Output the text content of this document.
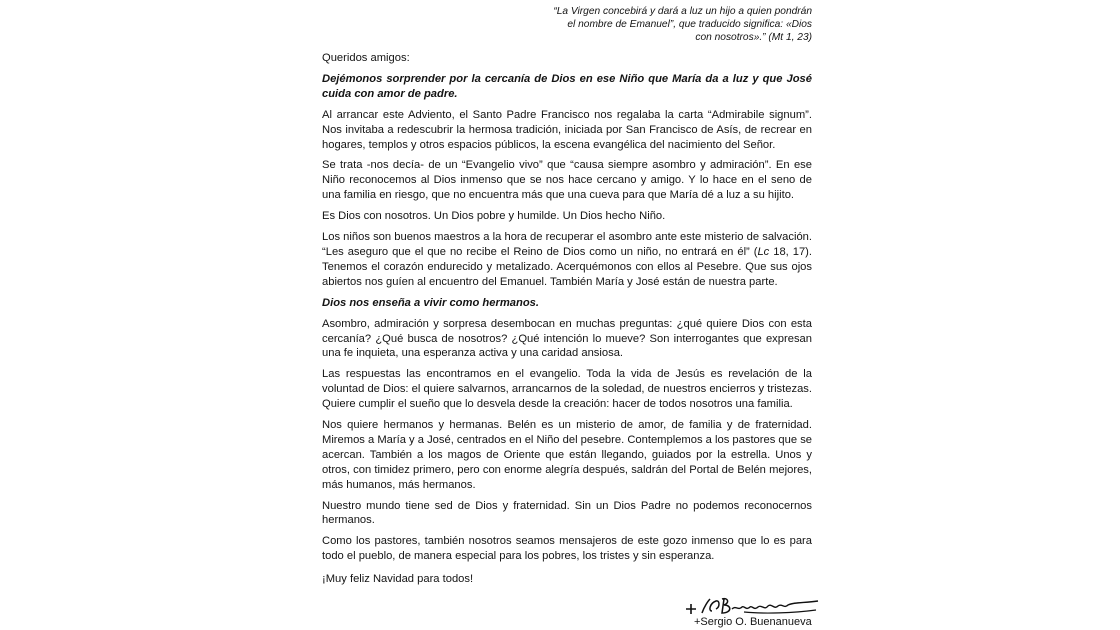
“La Virgen concebirá y dará a luz un hijo a quien pondrán
el nombre de Emanuel”, que traducido significa: «Dios
con nosotros».” (Mt 1, 23)

Queridos amigos:

Dejémonos sorprender por la cercanía de Dios en ese Niño que María da a luz y que José cuida con amor de padre.

Al arrancar este Adviento, el Santo Padre Francisco nos regalaba la carta “Admirabile signum”. Nos invitaba a redescubrir la hermosa tradición, iniciada por San Francisco de Asís, de recrear en hogares, templos y otros espacios públicos, la escena evangélica del nacimiento del Señor.

Se trata -nos decía- de un “Evangelio vivo” que “causa siempre asombro y admiración”. En ese Niño reconocemos al Dios inmenso que se nos hace cercano y amigo. Y lo hace en el seno de una familia en riesgo, que no encuentra más que una cueva para que María dé a luz a su hijito.

Es Dios con nosotros. Un Dios pobre y humilde. Un Dios hecho Niño.

Los niños son buenos maestros a la hora de recuperar el asombro ante este misterio de salvación. “Les aseguro que el que no recibe el Reino de Dios como un niño, no entrará en él” (Lc 18, 17). Tenemos el corazón endurecido y metalizado. Acerquémonos con ellos al Pesebre. Que sus ojos abiertos nos guíen al encuentro del Emanuel. También María y José están de nuestra parte.

Dios nos enseña a vivir como hermanos.

Asombro, admiración y sorpresa desembocan en muchas preguntas: ¿qué quiere Dios con esta cercanía? ¿Qué busca de nosotros? ¿Qué intención lo mueve? Son interrogantes que expresan una fe inquieta, una esperanza activa y una caridad ansiosa.

Las respuestas las encontramos en el evangelio. Toda la vida de Jesús es revelación de la voluntad de Dios: el quiere salvarnos, arrancarnos de la soledad, de nuestros encierros y tristezas. Quiere cumplir el sueño que lo desvela desde la creación: hacer de todos nosotros una familia.

Nos quiere hermanos y hermanas. Belén es un misterio de amor, de familia y de fraternidad. Miremos a María y a José, centrados en el Niño del pesebre. Contemplemos a los pastores que se acercan. También a los magos de Oriente que están llegando, guiados por la estrella. Unos y otros, con timidez primero, pero con enorme alegría después, saldrán del Portal de Belén mejores, más humanos, más hermanos.

Nuestro mundo tiene sed de Dios y fraternidad. Sin un Dios Padre no podemos reconocernos hermanos.

Como los pastores, también nosotros seamos mensajeros de este gozo inmenso que lo es para todo el pueblo, de manera especial para los pobres, los tristes y sin esperanza.

¡Muy feliz Navidad para todos!

+Sergio O. Buenanueva
